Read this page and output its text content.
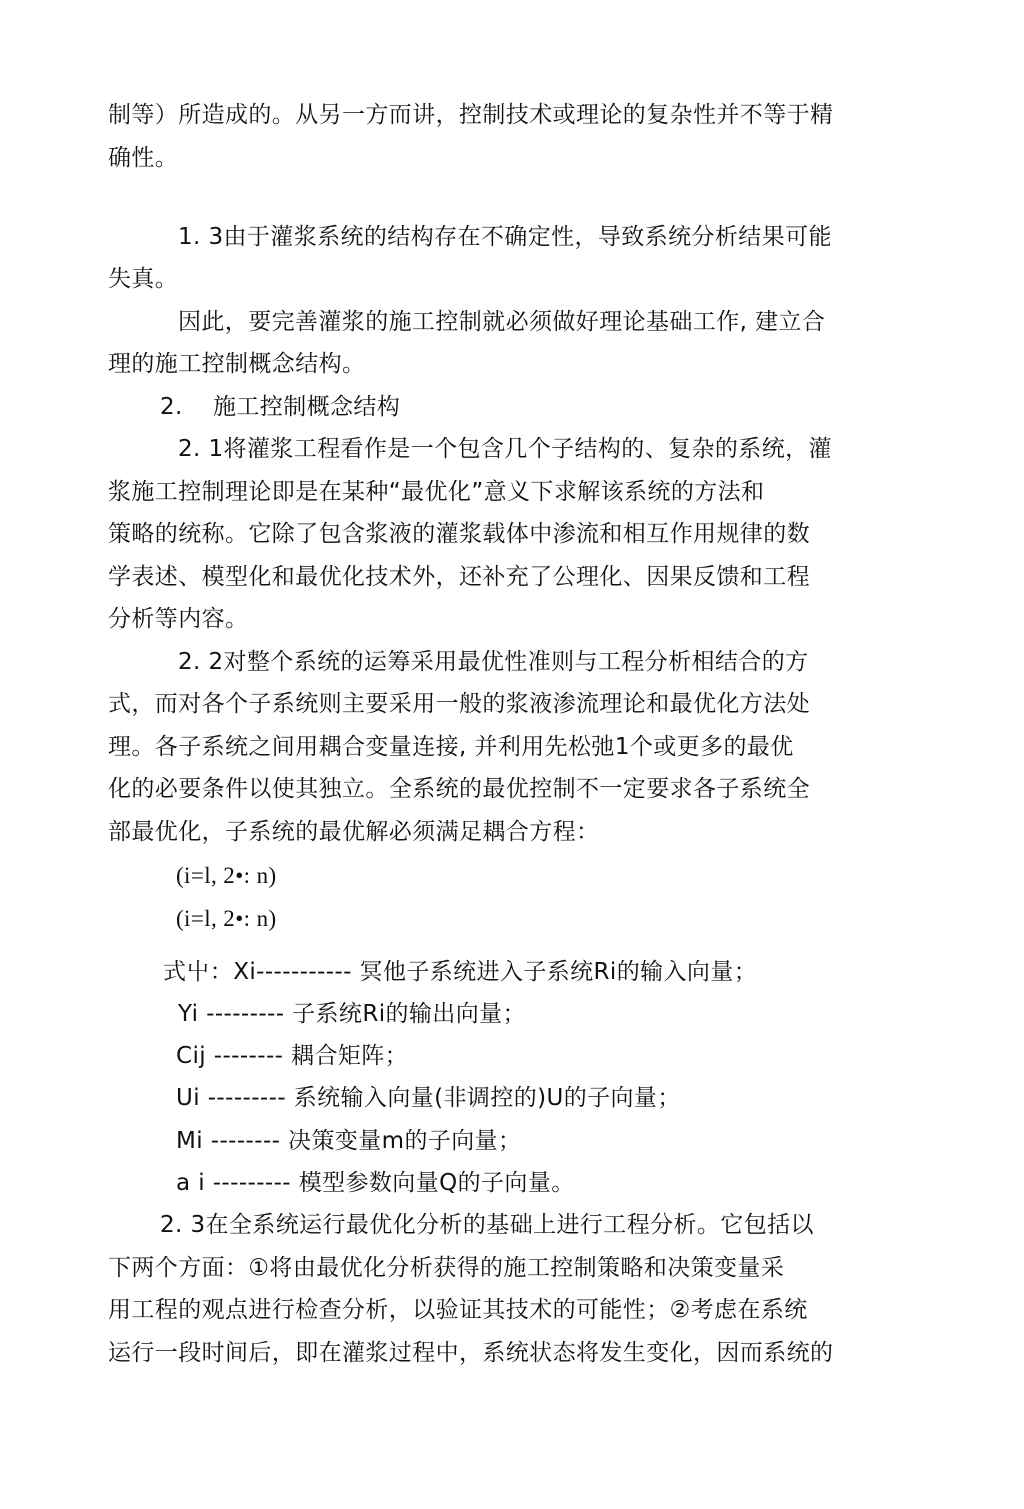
制等）所造成的。从另一方而讲，控制技术或理论的复杂性并不等于精
确性。
1. 3由于灌浆系统的结构存在不确定性，导致系统分析结果可能
失真。
因此，要完善灌浆的施工控制就必须做好理论基础工作, 建立合
理的施工控制概念结构。
2. 施工控制概念结构
2. 1将灌浆工程看作是一个包含几个子结构的、复杂的系统，灌
浆施工控制理论即是在某种“最优化”意义下求解该系统的方法和
策略的统称。它除了包含浆液的灌浆载体中渗流和相互作用规律的数
学表述、模型化和最优化技术外，还补充了公理化、因果反馈和工程
分析等内容。
2. 2对整个系统的运筹采用最优性准则与工程分析相结合的方
式，而对各个子系统则主要采用一般的浆液渗流理论和最优化方法处
理。各子系统之间用耦合变量连接, 并利用先松弛1个或更多的最优
化的必要条件以使其独立。全系统的最优控制不一定要求各子系统全
部最优化，子系统的最优解必须满足耦合方程：
(i=l, 2•: n)
(i=l, 2•: n)
式屮：Xi----------- 冥他子系统进入子系统Ri的输入向量；
Yi --------- 子系统Ri的输出向量；
Cij -------- 耦合矩阵；
Ui --------- 系统输入向量(非调控的)U的子向量；
Mi -------- 决策变量m的子向量；
a i --------- 模型参数向量Q的子向量。
2. 3在全系统运行最优化分析的基础上进行工程分析。它包括以
下两个方面：①将由最优化分析获得的施工控制策略和决策变量采
用工程的观点进行检查分析，以验证其技术的可能性；②考虑在系统
运行一段时间后，即在灌浆过程中，系统状态将发生变化，因而系统的
